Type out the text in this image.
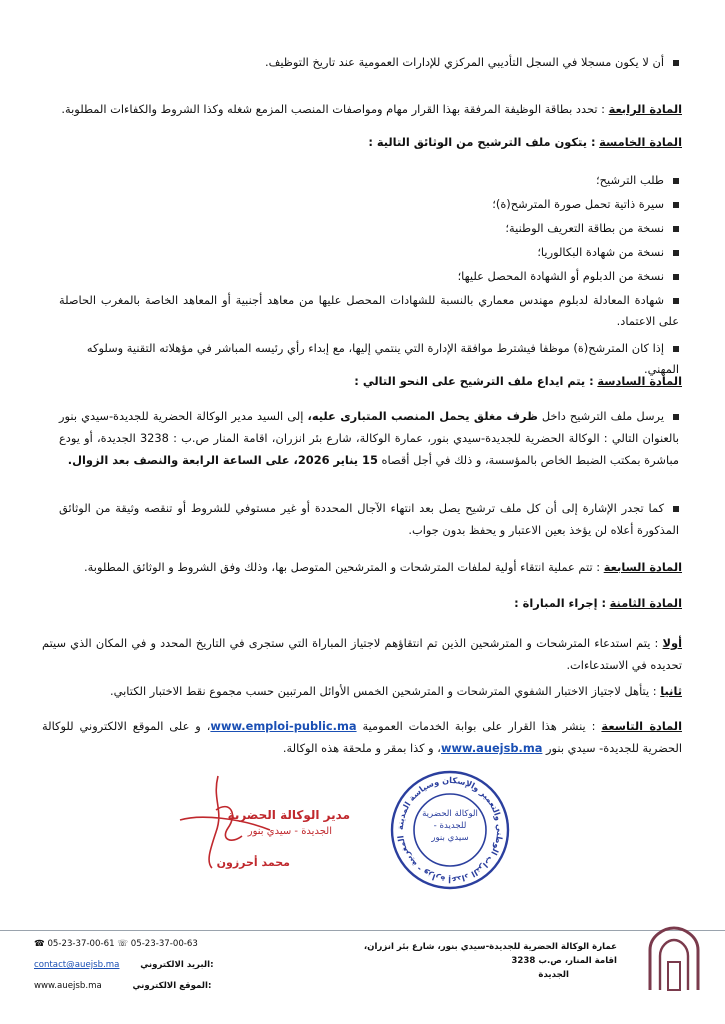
أن لا يكون مسجلا في السجل التأديبي المركزي للإدارات العمومية عند تاريخ التوظيف.
المادة الرابعة : تحدد بطاقة الوظيفة المرفقة بهذا القرار مهام ومواصفات المنصب المزمع شغله وكذا الشروط والكفاءات المطلوبة.
المادة الخامسة : يتكون ملف الترشيح من الوثائق التالية :
طلب الترشيح؛
سيرة ذاتية تحمل صورة المترشح(ة)؛
نسخة من بطاقة التعريف الوطنية؛
نسخة من شهادة البكالوريا؛
نسخة من الدبلوم أو الشهادة المحصل عليها؛
شهادة المعادلة لدبلوم مهندس معماري بالنسبة للشهادات المحصل عليها من معاهد أجنبية أو المعاهد الخاصة بالمغرب الحاصلة على الاعتماد.
إذا كان المترشح(ة) موظفا فيشترط موافقة الإدارة التي ينتمي إليها، مع إبداء رأي رئيسه المباشر في مؤهلاته التقنية وسلوكه المهني.
المادة السادسة : يتم ايداع ملف الترشيح على النحو التالي :
يرسل ملف الترشيح داخل ظرف مغلق يحمل المنصب المتبارى عليه، إلى السيد مدير الوكالة الحضرية للجديدة-سيدي بنور بالعنوان التالي : الوكالة الحضرية للجديدة-سيدي بنور، عمارة الوكالة، شارع بئر انزران، اقامة المنار ص.ب : 3238 الجديدة، أو يودع مباشرة بمكتب الضبط الخاص بالمؤسسة، و ذلك في أجل أقصاه 15 يناير 2026، على الساعة الرابعة والنصف بعد الزوال.
كما تجدر الإشارة إلى أن كل ملف ترشيح يصل بعد انتهاء الآجال المحددة أو غير مستوفي للشروط أو تنقصه وثيقة من الوثائق المذكورة أعلاه لن يؤخذ بعين الاعتبار و يحفظ بدون جواب.
المادة السابعة : تتم عملية انتقاء أولية لملفات المترشحات و المترشحين المتوصل بها، وذلك وفق الشروط و الوثائق المطلوبة.
المادة الثامنة : إجراء المباراة :
أولا : يتم استدعاء المترشحات و المترشحين الذين تم انتقاؤهم لاجتياز المباراة التي ستجرى في التاريخ المحدد و في المكان الذي سيتم تحديده في الاستدعاءات.
ثانيا : يتأهل لاجتياز الاختبار الشفوي المترشحات و المترشحين الخمس الأوائل المرتبين حسب مجموع نقط الاختبار الكتابي.
المادة التاسعة : ينشر هذا القرار على بوابة الخدمات العمومية www.emploi-public.ma، و على الموقع الالكتروني للوكالة الحضرية للجديدة- سيدي بنور www.auejsb.ma، و كذا بمقر و ملحقة هذه الوكالة.
مدير الوكالة الحضرية
الجديدة - سيدي بنور
محمد أحرزون	المغربية - وزارة إعداد التراب الوطني والتعمير والإسكان وسياسة المدينة
الوكالة الحضرية
للجديدة -
سيدي بنور
عمارة الوكالة الحضرية للجديدة-سيدي بنور، شارع بئر انزران،
اقامة المنار، ص.ب 3238
الجديدة
☎ 05-23-37-00-61 ☏ 05-23-37-00-63
contact@auejsb.ma البريد الالكتروني:
www.auejsb.ma	الموقع الالكتروني:
